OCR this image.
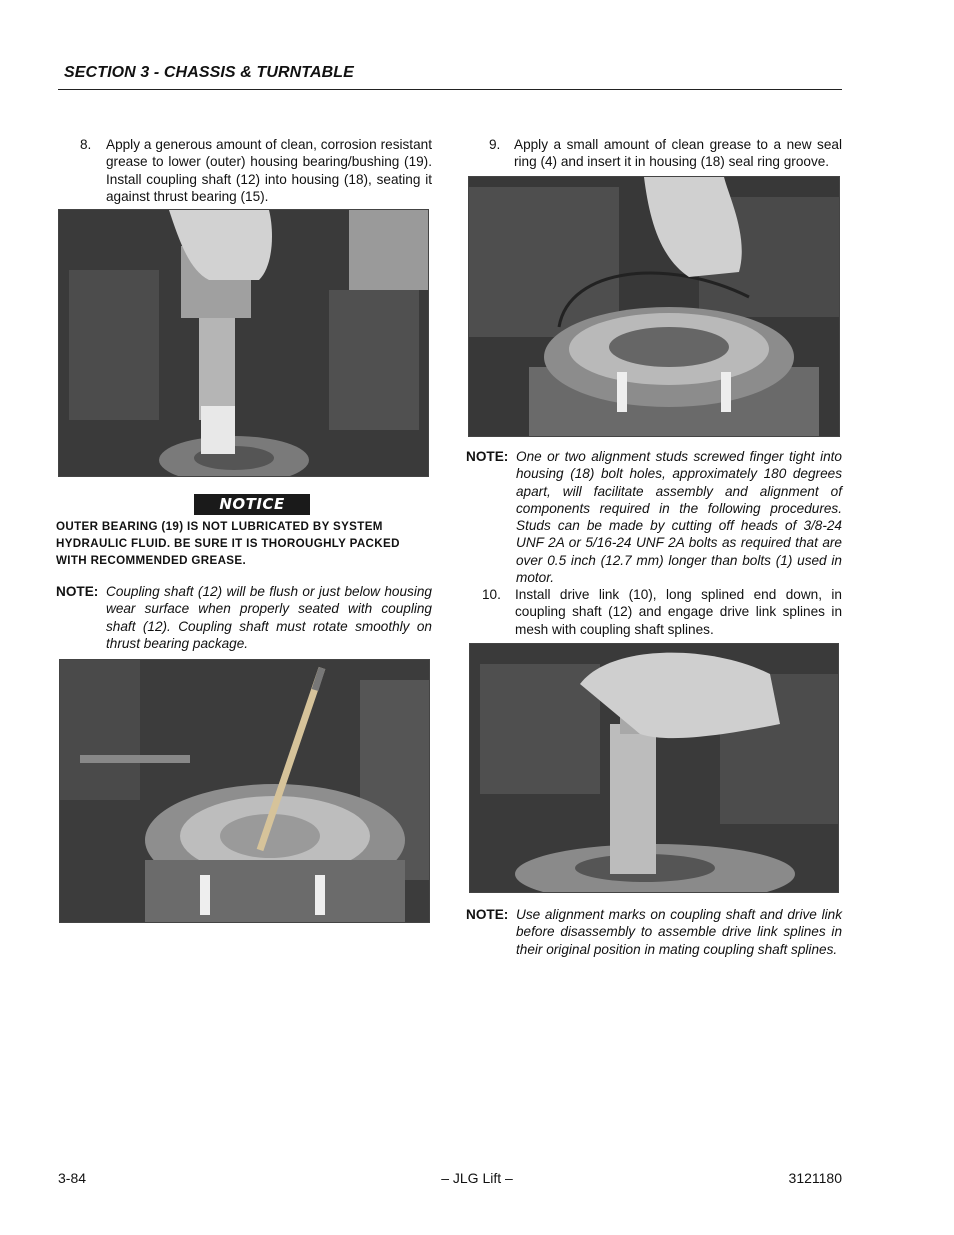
SECTION 3 - CHASSIS & TURNTABLE
8. Apply a generous amount of clean, corrosion resistant grease to lower (outer) housing bearing/bushing (19). Install coupling shaft (12) into housing (18), seating it against thrust bearing (15).
NOTICE
OUTER BEARING (19) IS NOT LUBRICATED BY SYSTEM HYDRAULIC FLUID. BE SURE IT IS THOROUGHLY PACKED WITH RECOMMENDED GREASE.
NOTE: Coupling shaft (12) will be flush or just below housing wear surface when properly seated with coupling shaft (12). Coupling shaft must rotate smoothly on thrust bearing package.
9. Apply a small amount of clean grease to a new seal ring (4) and insert it in housing (18) seal ring groove.
NOTE: One or two alignment studs screwed finger tight into housing (18) bolt holes, approximately 180 degrees apart, will facilitate assembly and alignment of components required in the following procedures. Studs can be made by cutting off heads of 3/8-24 UNF 2A or 5/16-24 UNF 2A bolts as required that are over 0.5 inch (12.7 mm) longer than bolts (1) used in motor.
10. Install drive link (10), long splined end down, in coupling shaft (12) and engage drive link splines in mesh with coupling shaft splines.
NOTE: Use alignment marks on coupling shaft and drive link before disassembly to assemble drive link splines in their original position in mating coupling shaft splines.
3-84	– JLG Lift –	3121180
